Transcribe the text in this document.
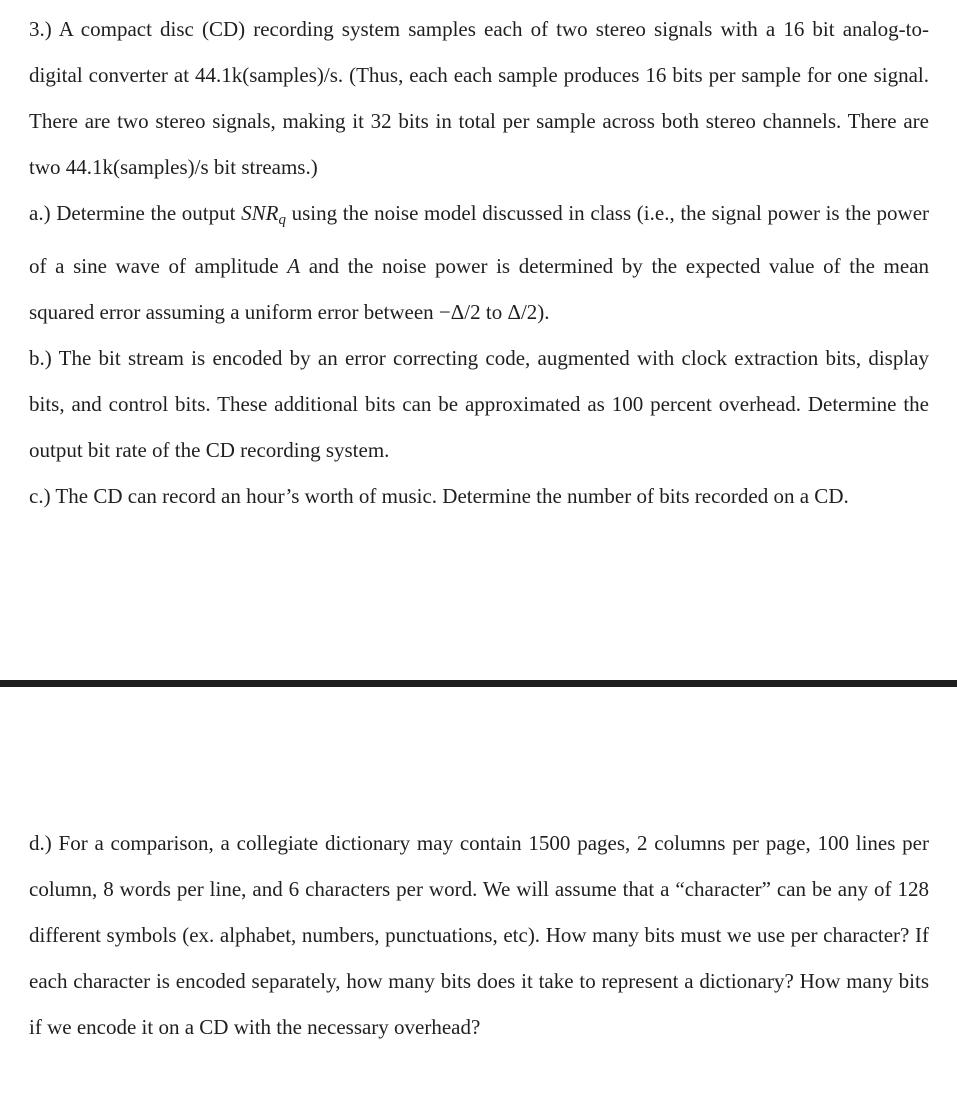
3.) A compact disc (CD) recording system samples each of two stereo signals with a 16 bit analog-to-digital converter at 44.1k(samples)/s. (Thus, each each sample produces 16 bits per sample for one signal. There are two stereo signals, making it 32 bits in total per sample across both stereo channels. There are two 44.1k(samples)/s bit streams.)

a.) Determine the output $SNR_q$ using the noise model discussed in class (i.e., the signal power is the power of a sine wave of amplitude A and the noise power is determined by the expected value of the mean squared error assuming a uniform error between −Δ/2 to Δ/2).

b.) The bit stream is encoded by an error correcting code, augmented with clock extraction bits, display bits, and control bits. These additional bits can be approximated as 100 percent overhead. Determine the output bit rate of the CD recording system.

c.) The CD can record an hour’s worth of music. Determine the number of bits recorded on a CD.

d.) For a comparison, a collegiate dictionary may contain 1500 pages, 2 columns per page, 100 lines per column, 8 words per line, and 6 characters per word. We will assume that a “character” can be any of 128 different symbols (ex. alphabet, numbers, punctuations, etc). How many bits must we use per character? If each character is encoded separately, how many bits does it take to represent a dictionary? How many bits if we encode it on a CD with the necessary overhead?
